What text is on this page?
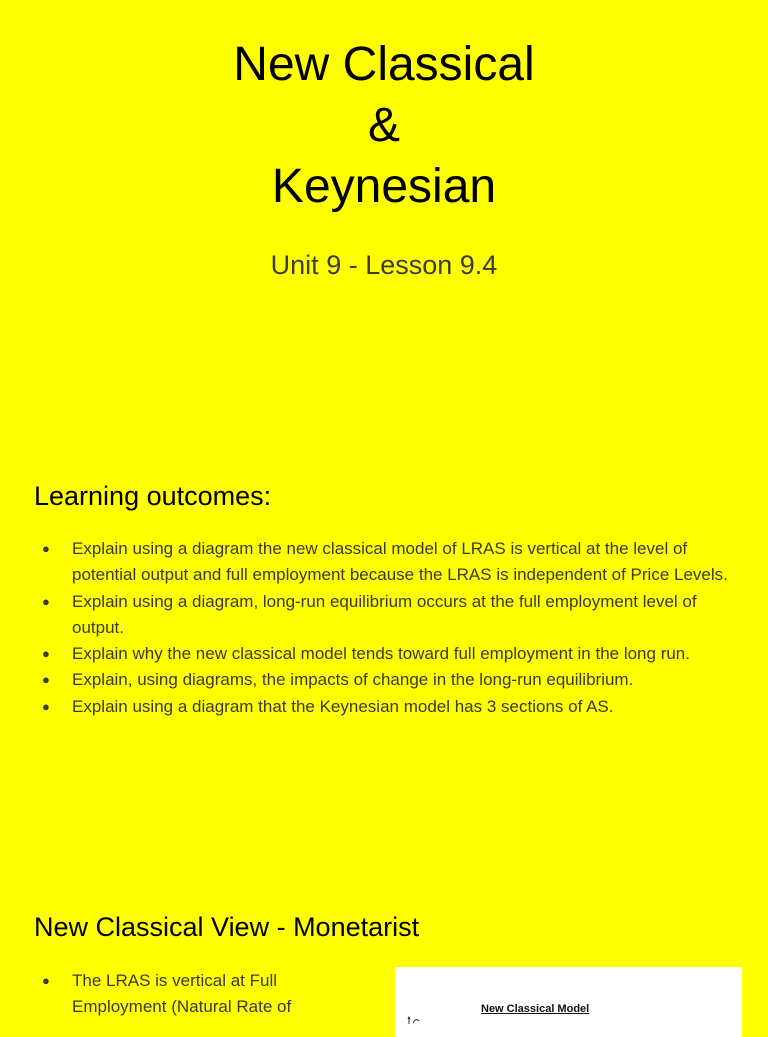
New Classical
&
Keynesian
Unit 9 - Lesson 9.4
Learning outcomes:
● Explain using a diagram the new classical model of LRAS is vertical at the level of potential output and full employment because the LRAS is independent of Price Levels.
● Explain using a diagram, long-run equilibrium occurs at the full employment level of output.
● Explain why the new classical model tends toward full employment in the long run.
● Explain, using diagrams, the impacts of change in the long-run equilibrium.
● Explain using a diagram that the Keynesian model has 3 sections of AS.
New Classical View - Monetarist
● The LRAS is vertical at Full Employment (Natural Rate of	New Classical Model
